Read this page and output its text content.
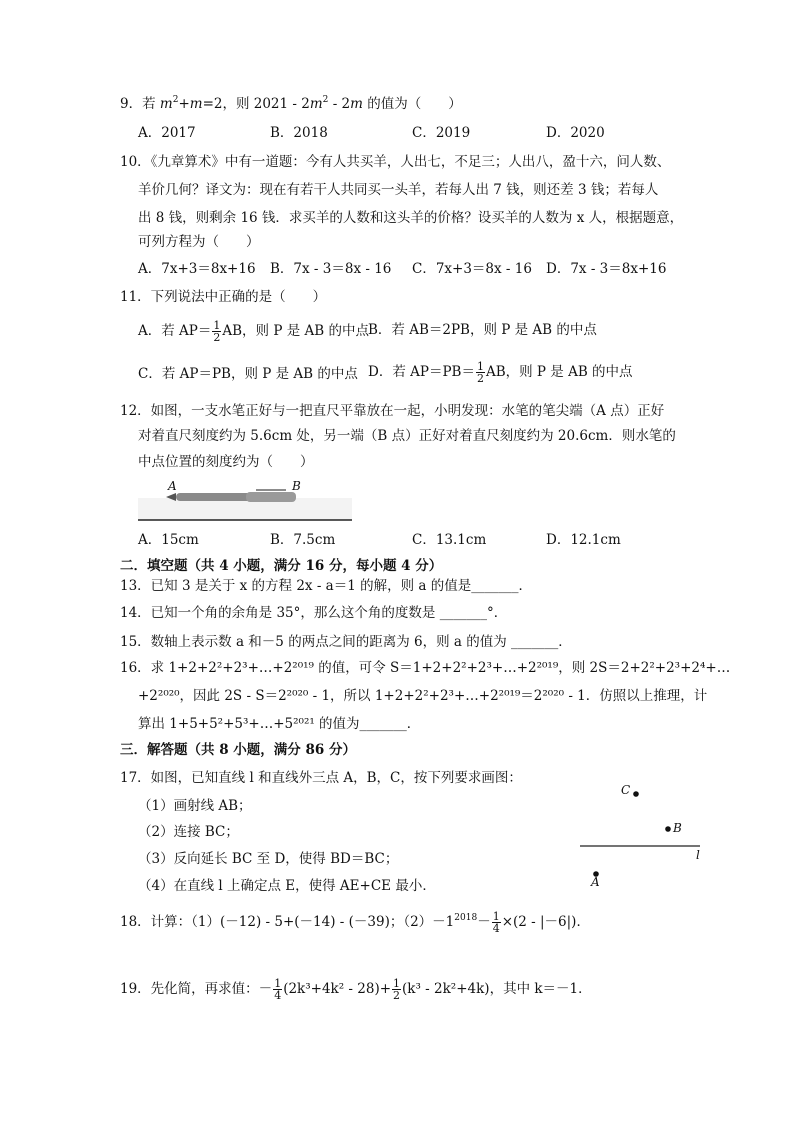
9．若 $m^2+m=2$，则 $2021 - 2m^2 - 2m$ 的值为（　　）
A．2017	B．2018	C．2019	D．2020
10．《九章算术》中有一道题：今有人共买羊，人出七，不足三；人出八，盈十六，问人数、
羊价几何？译文为：现在有若干人共同买一头羊，若每人出 7 钱，则还差 3 钱；若每人
出 8 钱，则剩余 16 钱．求买羊的人数和这头羊的价格？设买羊的人数为 x 人，根据题意，
可列方程为（　　）
A．7x+3＝8x+16 B．7x - 3＝8x - 16 C．7x+3＝8x - 16 D．7x - 3＝8x+16
11．下列说法中正确的是（　　）
A．若 $AP= \frac{1}{2}$ AB，则 P 是 AB 的中点 B．若 AB＝2PB，则 P 是 AB 的中点
C．若 AP＝PB，则 P 是 AB 的中点 D．若 $AP=PB= \frac{1}{2}$ AB，则 P 是 AB 的中点
12．如图，一支水笔正好与一把直尺平靠放在一起，小明发现：水笔的笔尖端（A 点）正好
对着直尺刻度约为 5.6cm 处，另一端（B 点）正好对着直尺刻度约为 20.6cm．则水笔的
中点位置的刻度约为（　　）
A	B
A．15cm	B．7.5cm	C．13.1cm	D．12.1cm
二．填空题（共 4 小题，满分 16 分，每小题 4 分）
13．已知 3 是关于 x 的方程 2x - a＝1 的解，则 a 的值是_______．
14．已知一个角的余角是 35°，那么这个角的度数是 _______°．
15．数轴上表示数 a 和－5 的两点之间的距离为 6，则 a 的值为 _______．
16．求 1+2+2²+2³+…+2²⁰¹⁹ 的值，可令 S＝1+2+2²+2³+…+2²⁰¹⁹，则 2S＝2+2²+2³+2⁴+…
+2²⁰²⁰，因此 2S - S＝2²⁰²⁰ - 1，所以 1+2+2²+2³+…+2²⁰¹⁹＝2²⁰²⁰ - 1．仿照以上推理，计
算出 1+5+5²+5³+…+5²⁰²¹ 的值为_______．
三．解答题（共 8 小题，满分 86 分）
17．如图，已知直线 l 和直线外三点 A，B，C，按下列要求画图：
（1）画射线 AB；
（2）连接 BC；
（3）反向延长 BC 至 D，使得 BD＝BC；
（4）在直线 l 上确定点 E，使得 AE+CE 最小．
C
B
A
l
18．计算：（1）(－12) - 5+(－14) - (－39)；$(2)-1^{2018}- \frac{1}{4} \times(2 - |-6|)$．
19．先化简，再求值：－ $\frac{1}{4} (2k^3+4k^2 - 28)+ \frac{1}{2} (k^3 - 2k^2+4k)$，其中 k＝－1．
